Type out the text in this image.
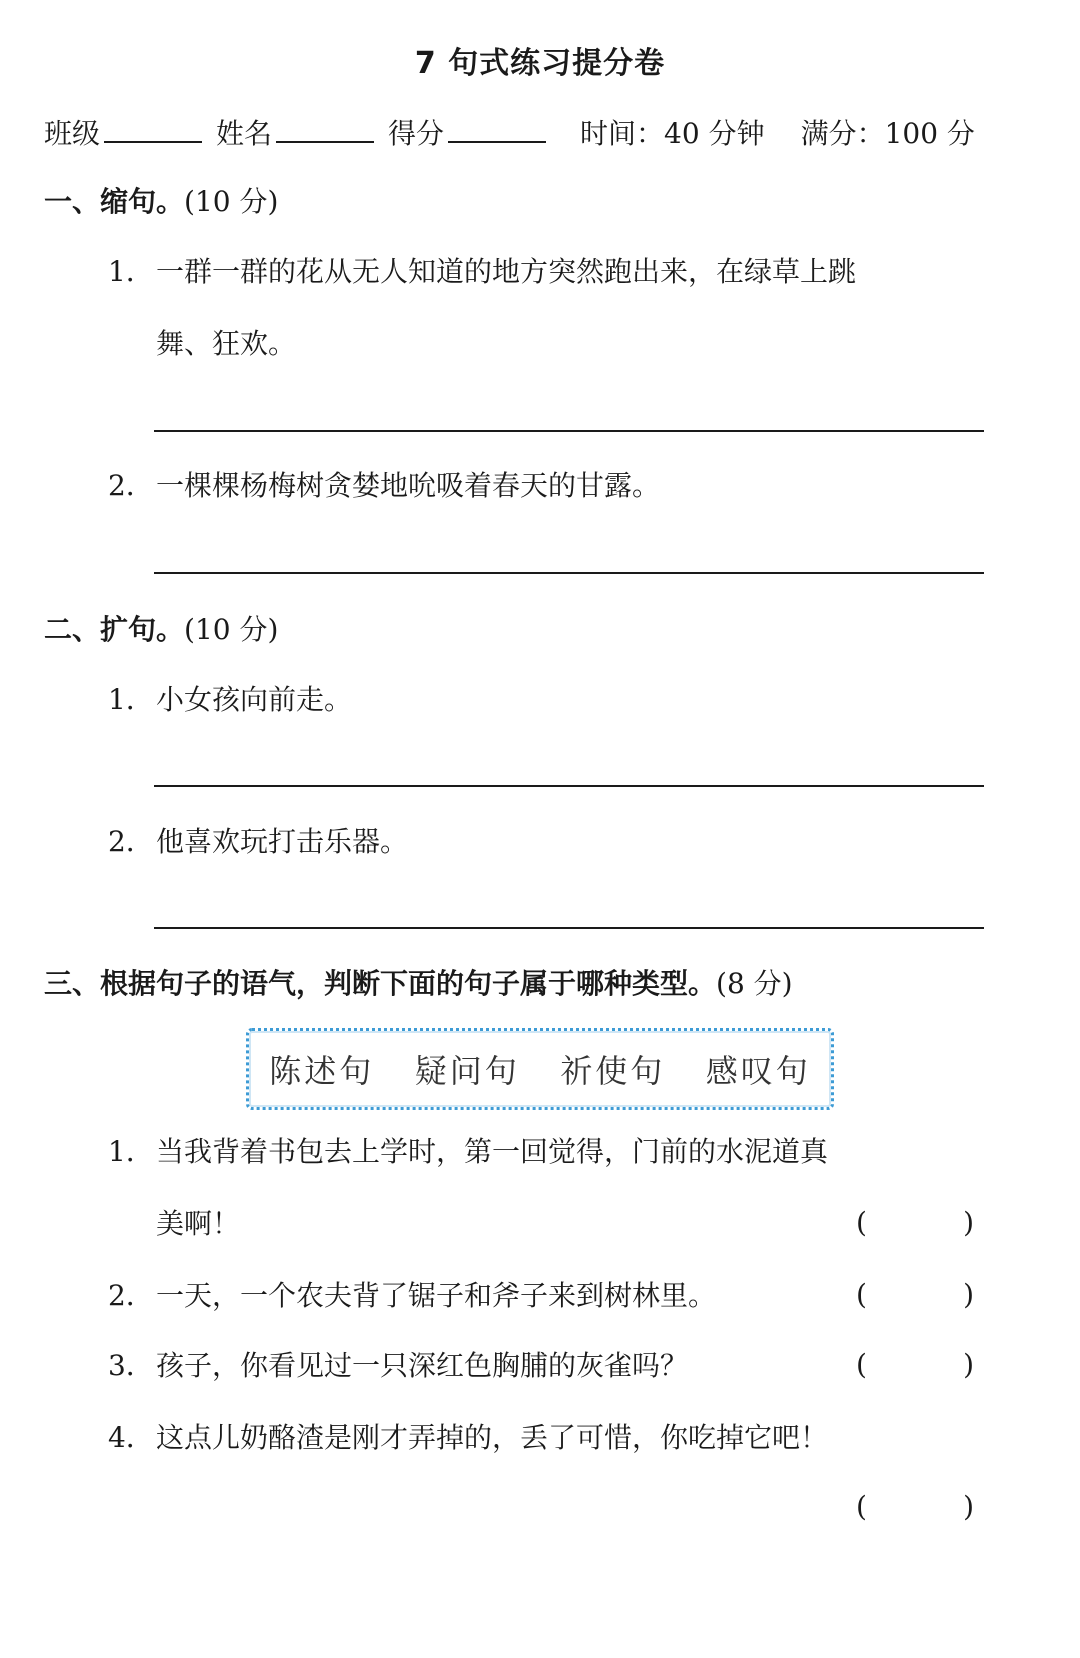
7 句式练习提分卷
班级	姓名	得分	时间：40 分钟 满分：100 分
一、缩句。(10 分)
1．一群一群的花从无人知道的地方突然跑出来，在绿草上跳
舞、狂欢。
2．一棵棵杨梅树贪婪地吮吸着春天的甘露。
二、扩句。(10 分)
1．小女孩向前走。
2．他喜欢玩打击乐器。
三、根据句子的语气，判断下面的句子属于哪种类型。(8 分)
陈述句 疑问句 祈使句 感叹句
1．当我背着书包去上学时，第一回觉得，门前的水泥道真
美啊！	(	)
2．一天，一个农夫背了锯子和斧子来到树林里。	(	)
3．孩子，你看见过一只深红色胸脯的灰雀吗？	(	)
4．这点儿奶酪渣是刚才弄掉的，丢了可惜，你吃掉它吧！
(	)
